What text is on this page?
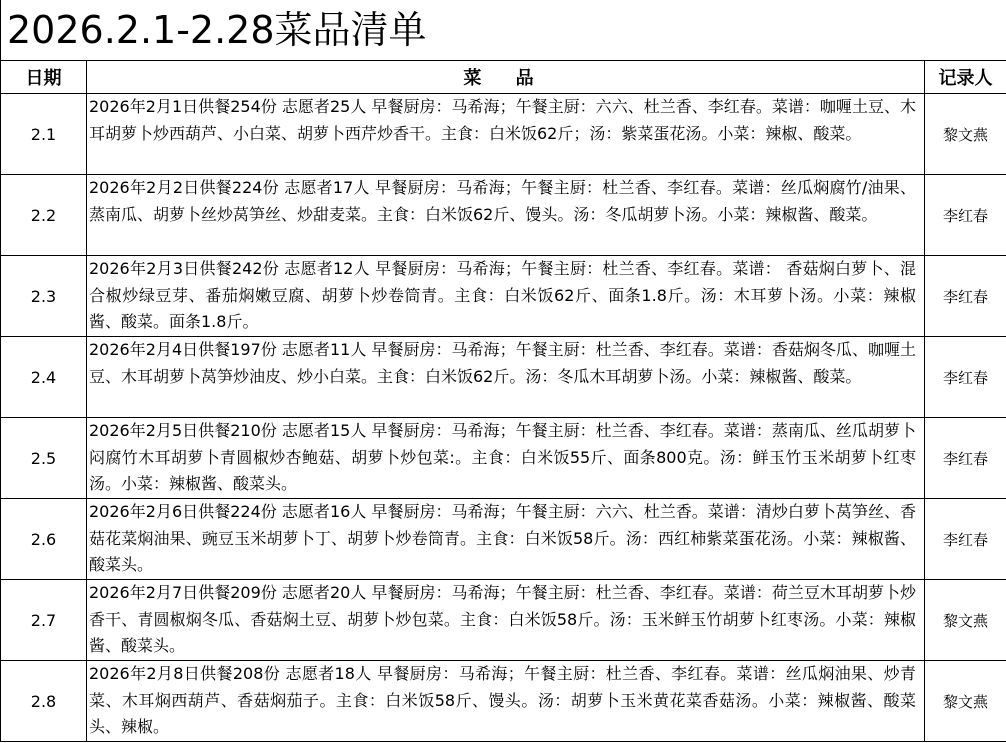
2026.2.1-2.28菜品清单
日期	菜 品	记录人
2.1	2026年2月1日供餐254份 志愿者25人 早餐厨房：马希海；午餐主厨：六六、杜兰香、李红春。菜谱：咖喱土豆、木耳胡萝卜炒西葫芦、小白菜、胡萝卜西芹炒香干。主食：白米饭62斤；汤：紫菜蛋花汤。小菜：辣椒、酸菜。	黎文燕
2.2	2026年2月2日供餐224份 志愿者17人 早餐厨房：马希海；午餐主厨：杜兰香、李红春。菜谱：丝瓜焖腐竹/油果、蒸南瓜、胡萝卜丝炒莴笋丝、炒甜麦菜。主食：白米饭62斤、馒头。汤：冬瓜胡萝卜汤。小菜：辣椒酱、酸菜。	李红春
2.3	2026年2月3日供餐242份 志愿者12人 早餐厨房：马希海；午餐主厨：杜兰香、李红春。菜谱： 香菇焖白萝卜、混合椒炒绿豆芽、番茄焖嫩豆腐、胡萝卜炒卷筒青。主食：白米饭62斤、面条1.8斤。汤：木耳萝卜汤。小菜：辣椒酱、酸菜。面条1.8斤。	李红春
2.4	2026年2月4日供餐197份 志愿者11人 早餐厨房：马希海；午餐主厨：杜兰香、李红春。菜谱：香菇焖冬瓜、咖喱土豆、木耳胡萝卜莴笋炒油皮、炒小白菜。主食：白米饭62斤。汤：冬瓜木耳胡萝卜汤。小菜：辣椒酱、酸菜。	李红春
2.5	2026年2月5日供餐210份 志愿者15人 早餐厨房：马希海；午餐主厨：杜兰香、李红春。菜谱：蒸南瓜、丝瓜胡萝卜闷腐竹木耳胡萝卜青圆椒炒杏鲍菇、胡萝卜炒包菜:。主食：白米饭55斤、面条800克。汤：鲜玉竹玉米胡萝卜红枣汤。小菜：辣椒酱、酸菜头。	李红春
2.6	2026年2月6日供餐224份 志愿者16人 早餐厨房：马希海；午餐主厨：六六、杜兰香。菜谱：清炒白萝卜莴笋丝、香菇花菜焖油果、豌豆玉米胡萝卜丁、胡萝卜炒卷筒青。主食：白米饭58斤。汤：西红柿紫菜蛋花汤。小菜：辣椒酱、酸菜头。	李红春
2.7	2026年2月7日供餐209份 志愿者20人 早餐厨房：马希海；午餐主厨：杜兰香、李红春。菜谱：荷兰豆木耳胡萝卜炒香干、青圆椒焖冬瓜、香菇焖土豆、胡萝卜炒包菜。主食：白米饭58斤。汤：玉米鲜玉竹胡萝卜红枣汤。小菜：辣椒酱、酸菜头。	黎文燕
2.8	2026年2月8日供餐208份 志愿者18人 早餐厨房：马希海；午餐主厨：杜兰香、李红春。菜谱：丝瓜焖油果、炒青菜、木耳焖西葫芦、香菇焖茄子。主食：白米饭58斤、馒头。汤：胡萝卜玉米黄花菜香菇汤。小菜：辣椒酱、酸菜头、辣椒。	黎文燕
